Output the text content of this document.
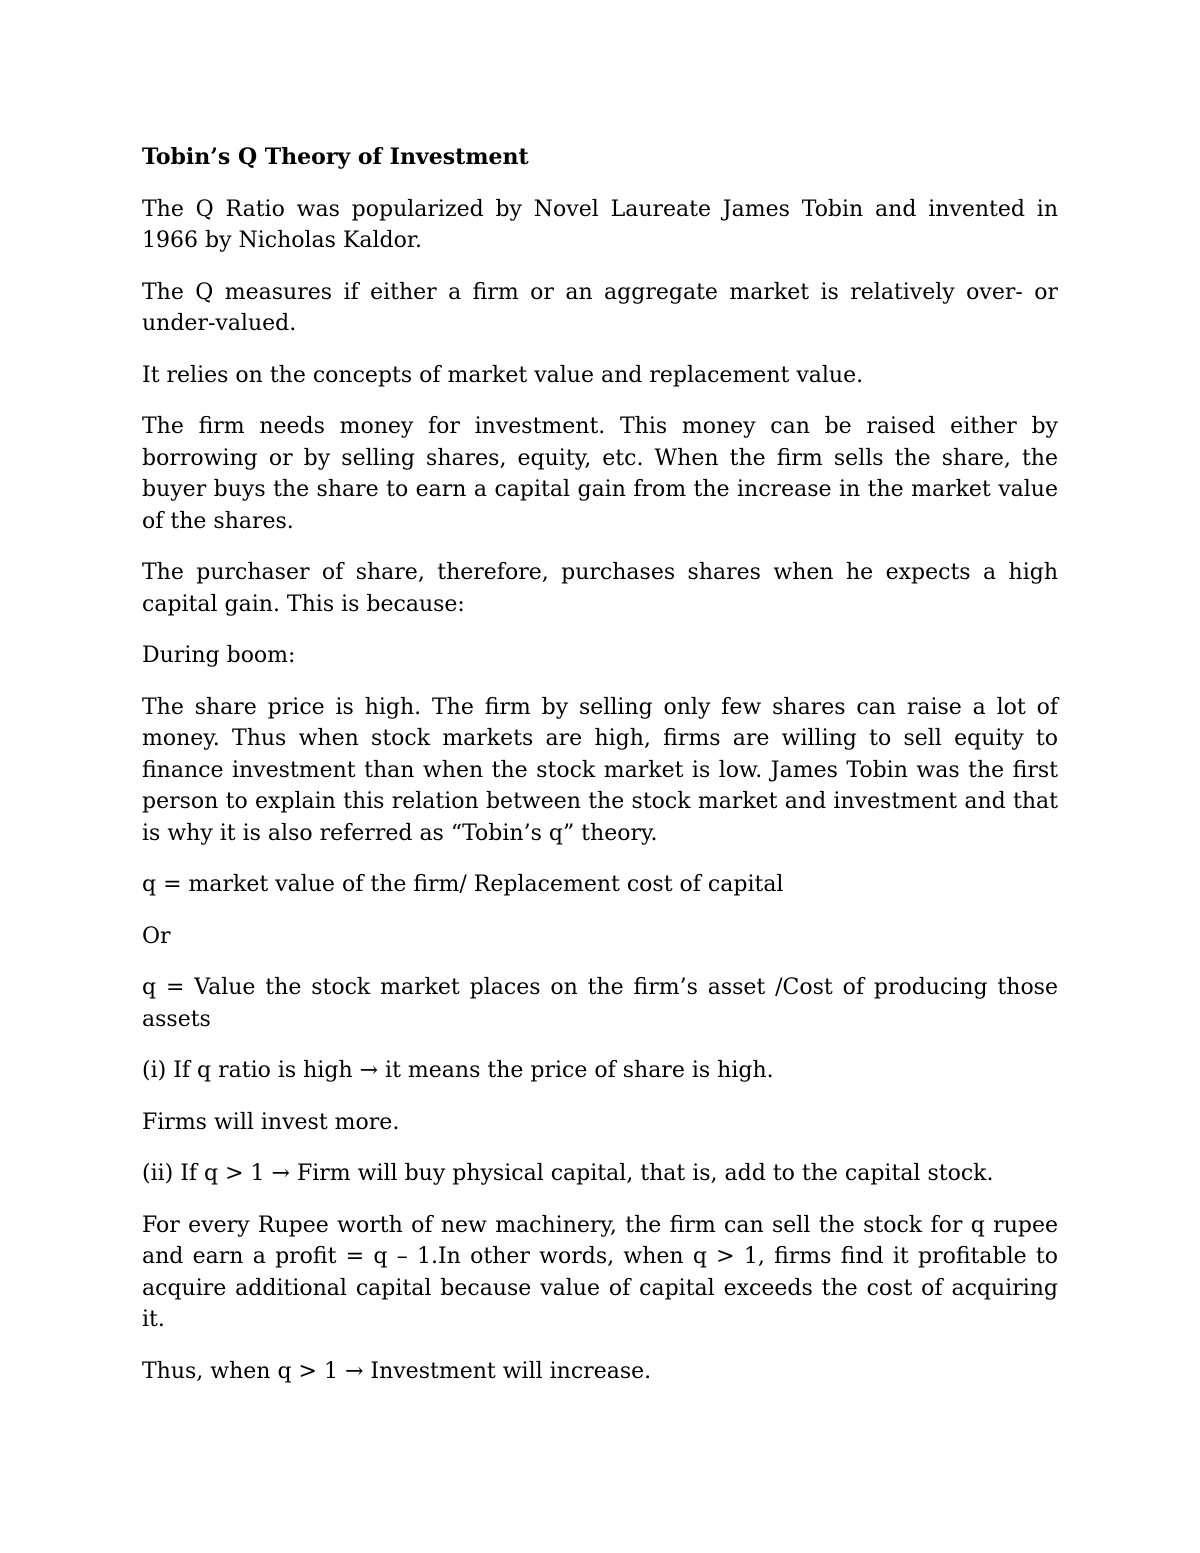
Tobin’s Q Theory of Investment

The Q Ratio was popularized by Novel Laureate James Tobin and invented in 1966 by Nicholas Kaldor.

The Q measures if either a firm or an aggregate market is relatively over- or under-valued.

It relies on the concepts of market value and replacement value.

The firm needs money for investment. This money can be raised either by borrowing or by selling shares, equity, etc. When the firm sells the share, the buyer buys the share to earn a capital gain from the increase in the market value of the shares.

The purchaser of share, therefore, purchases shares when he expects a high capital gain. This is because:

During boom:

The share price is high. The firm by selling only few shares can raise a lot of money. Thus when stock markets are high, firms are willing to sell equity to finance investment than when the stock market is low. James Tobin was the first person to explain this relation between the stock market and investment and that is why it is also referred as “Tobin’s q” theory.

q = market value of the firm/ Replacement cost of capital

Or

q = Value the stock market places on the firm’s asset /Cost of producing those assets

(i) If q ratio is high → it means the price of share is high.

Firms will invest more.

(ii) If q > 1 → Firm will buy physical capital, that is, add to the capital stock.

For every Rupee worth of new machinery, the firm can sell the stock for q rupee and earn a profit = q – 1.In other words, when q > 1, firms find it profitable to acquire additional capital because value of capital exceeds the cost of acquiring it.

Thus, when q > 1 → Investment will increase.
